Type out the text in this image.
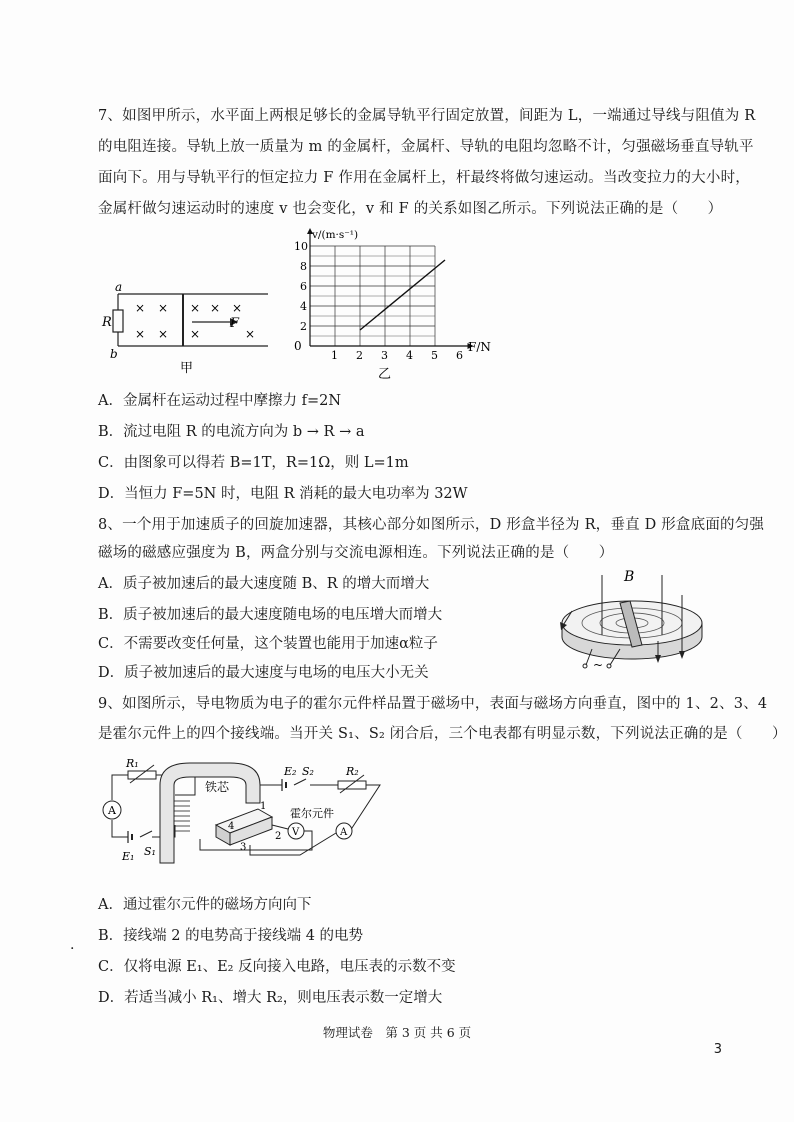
7、如图甲所示，水平面上两根足够长的金属导轨平行固定放置，间距为 L，一端通过导线与阻值为 R
的电阻连接。导轨上放一质量为 m 的金属杆，金属杆、导轨的电阻均忽略不计，匀强磁场垂直导轨平
面向下。用与导轨平行的恒定拉力 F 作用在金属杆上，杆最终将做匀速运动。当改变拉力的大小时，
金属杆做匀速运动时的速度 v 也会变化，v 和 F 的关系如图乙所示。下列说法正确的是（　　）
a
b
R	F
× × × × ×
× × ×	×
甲
1 2 3 4 5 6
2
4
6
8
10
v/(m·s⁻¹)
F/N
0
乙
A．金属杆在运动过程中摩擦力 f=2N
B．流过电阻 R 的电流方向为 b → R → a
C．由图象可以得若 B=1T，R=1Ω，则 L=1m
D．当恒力 F=5N 时，电阻 R 消耗的最大电功率为 32W
8、一个用于加速质子的回旋加速器，其核心部分如图所示，D 形盒半径为 R，垂直 D 形盒底面的匀强
磁场的磁感应强度为 B，两盒分别与交流电源相连。下列说法正确的是（　　）
A．质子被加速后的最大速度随 B、R 的增大而增大
B．质子被加速后的最大速度随电场的电压增大而增大
C．不需要改变任何量，这个装置也能用于加速α粒子
D．质子被加速后的最大速度与电场的电压大小无关	~
B
9、如图所示，导电物质为电子的霍尔元件样品置于磁场中，表面与磁场方向垂直，图中的 1、2、3、4
是霍尔元件上的四个接线端。当开关 S₁、S₂ 闭合后，三个电表都有明显示数，下列说法正确的是（　　）
A
E₁ S₁
R₁
铁芯
4
1
2
3
霍尔元件
V	A
E₂ S₂	R₂
A．通过霍尔元件的磁场方向向下
.
B．接线端 2 的电势高于接线端 4 的电势
C．仅将电源 E₁、E₂ 反向接入电路，电压表的示数不变
D．若适当减小 R₁、增大 R₂，则电压表示数一定增大
物理试卷　第 3 页 共 6 页
3
